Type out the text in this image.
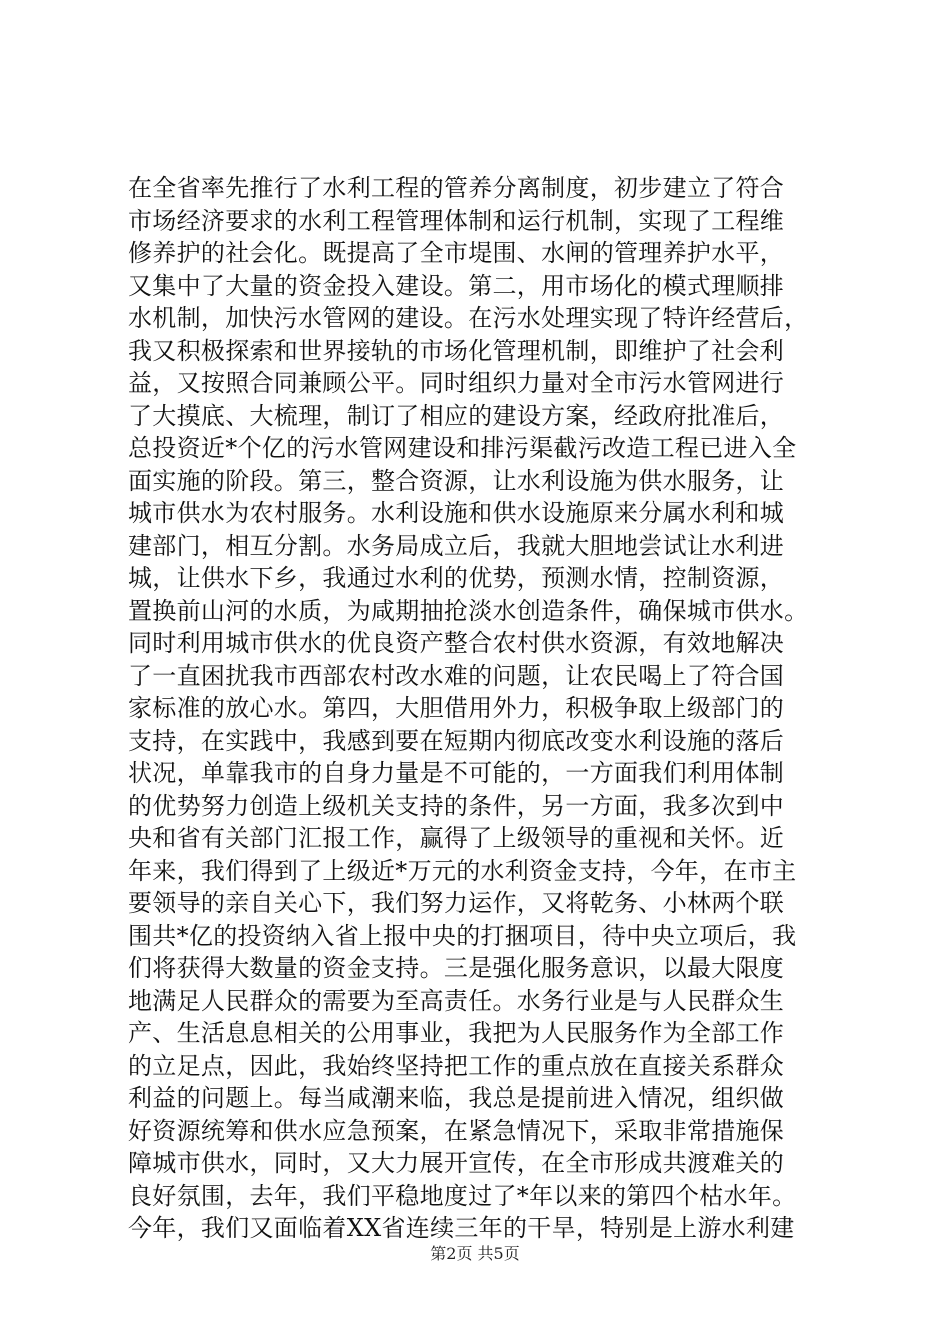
在全省率先推行了水利工程的管养分离制度，初步建立了符合
市场经济要求的水利工程管理体制和运行机制，实现了工程维
修养护的社会化。既提高了全市堤围、水闸的管理养护水平，
又集中了大量的资金投入建设。第二，用市场化的模式理顺排
水机制，加快污水管网的建设。在污水处理实现了特许经营后，
我又积极探索和世界接轨的市场化管理机制，即维护了社会利
益，又按照合同兼顾公平。同时组织力量对全市污水管网进行
了大摸底、大梳理，制订了相应的建设方案，经政府批准后，
总投资近*个亿的污水管网建设和排污渠截污改造工程已进入全
面实施的阶段。第三，整合资源，让水利设施为供水服务，让
城市供水为农村服务。水利设施和供水设施原来分属水利和城
建部门，相互分割。水务局成立后，我就大胆地尝试让水利进
城，让供水下乡，我通过水利的优势，预测水情，控制资源，
置换前山河的水质，为咸期抽抢淡水创造条件，确保城市供水。
同时利用城市供水的优良资产整合农村供水资源，有效地解决
了一直困扰我市西部农村改水难的问题，让农民喝上了符合国
家标准的放心水。第四，大胆借用外力，积极争取上级部门的
支持，在实践中，我感到要在短期内彻底改变水利设施的落后
状况，单靠我市的自身力量是不可能的，一方面我们利用体制
的优势努力创造上级机关支持的条件，另一方面，我多次到中
央和省有关部门汇报工作，赢得了上级领导的重视和关怀。近
年来，我们得到了上级近*万元的水利资金支持，今年，在市主
要领导的亲自关心下，我们努力运作，又将乾务、小林两个联
围共*亿的投资纳入省上报中央的打捆项目，待中央立项后，我
们将获得大数量的资金支持。三是强化服务意识，以最大限度
地满足人民群众的需要为至高责任。水务行业是与人民群众生
产、生活息息相关的公用事业，我把为人民服务作为全部工作
的立足点，因此，我始终坚持把工作的重点放在直接关系群众
利益的问题上。每当咸潮来临，我总是提前进入情况，组织做
好资源统筹和供水应急预案，在紧急情况下，采取非常措施保
障城市供水，同时，又大力展开宣传，在全市形成共渡难关的
良好氛围，去年，我们平稳地度过了*年以来的第四个枯水年。
今年，我们又面临着XX省连续三年的干旱，特别是上游水利建
第2页 共5页
